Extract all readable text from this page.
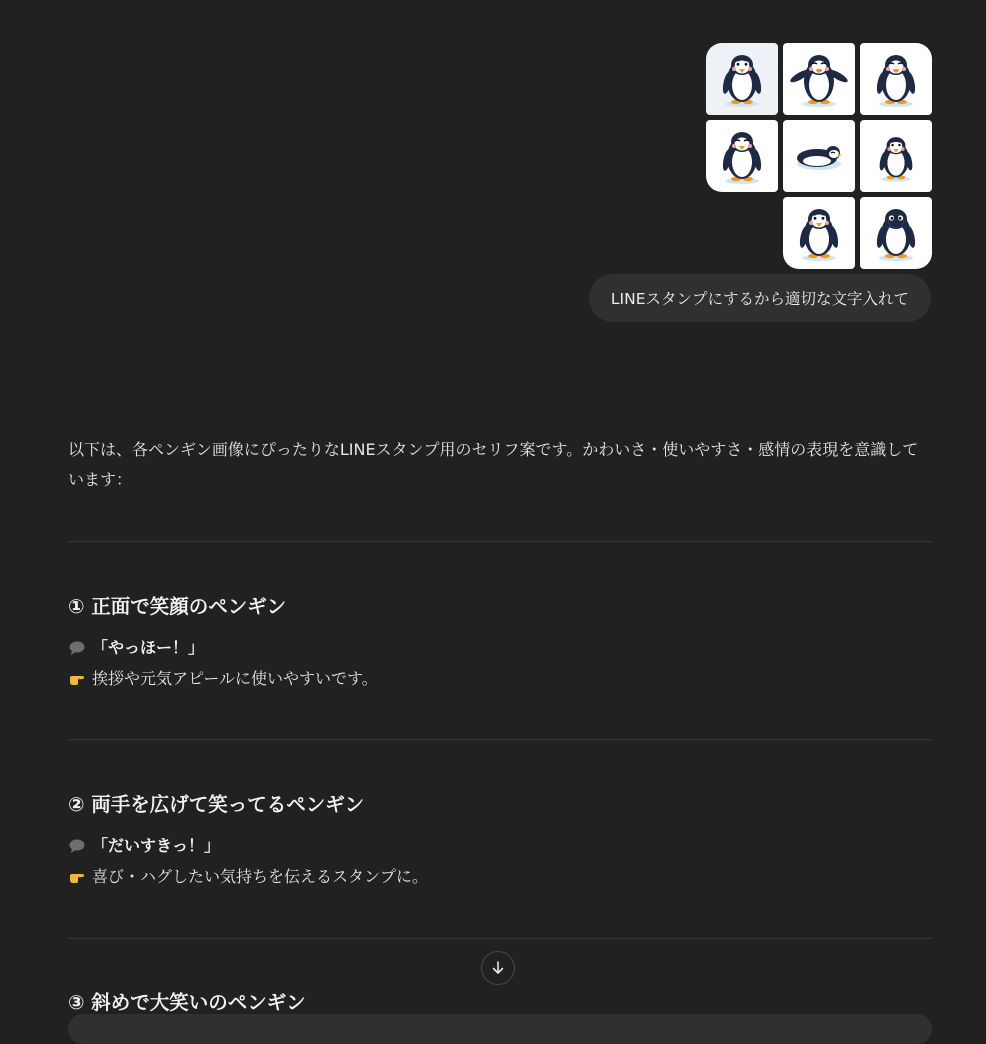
LINEスタンプにするから適切な文字入れて
以下は、各ペンギン画像にぴったりなLINEスタンプ用のセリフ案です。かわいさ・使いやすさ・感情の表現を意識しています：
① 正面で笑顔のペンギン
「やっほー！」
挨拶や元気アピールに使いやすいです。
② 両手を広げて笑ってるペンギン
「だいすきっ！」
喜び・ハグしたい気持ちを伝えるスタンプに。
③ 斜めで大笑いのペンギン
